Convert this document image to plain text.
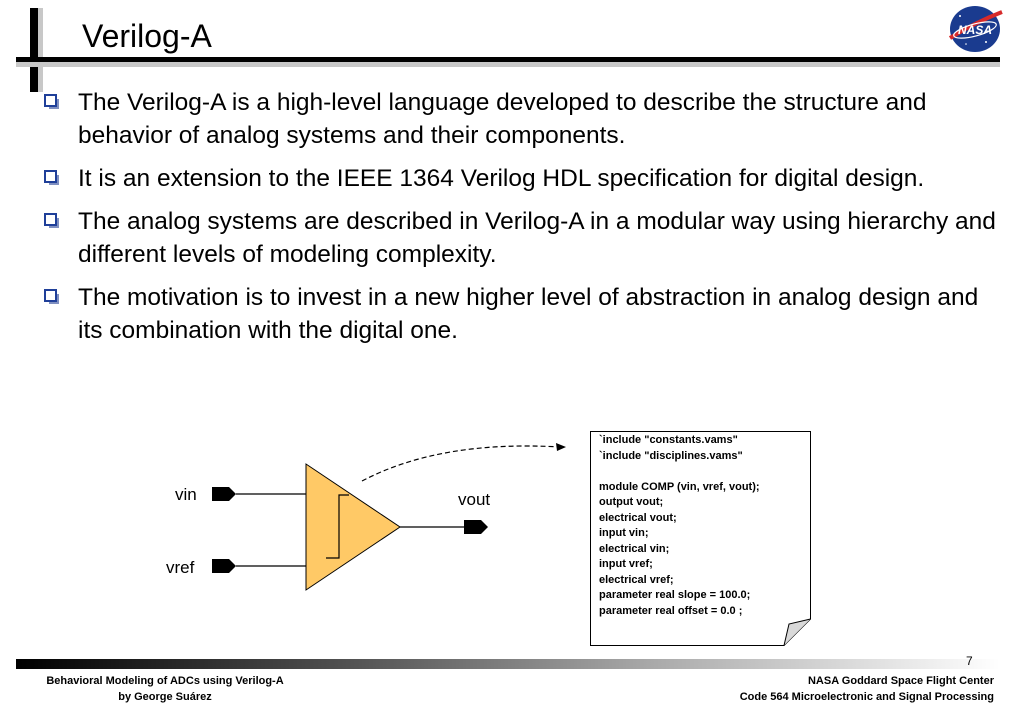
Verilog-A	NASA
The Verilog-A is a high-level language developed to describe the structure and behavior of analog systems and their components.
It is an extension to the IEEE 1364 Verilog HDL specification for digital design.
The analog systems are described in Verilog-A in a modular way using hierarchy and different levels of modeling complexity.
The motivation is to invest in a new higher level of abstraction in analog design and its combination with the digital one.
vin
vref
vout
`include "constants.vams"
`include "disciplines.vams"
module COMP (vin, vref, vout);
output vout;
electrical vout;
input vin;
electrical vin;
input vref;
electrical vref;
parameter real slope = 100.0;
parameter real offset = 0.0 ;
7
Behavioral Modeling of ADCs using Verilog-A
by George Suárez
NASA Goddard Space Flight Center
Code 564 Microelectronic and Signal Processing
